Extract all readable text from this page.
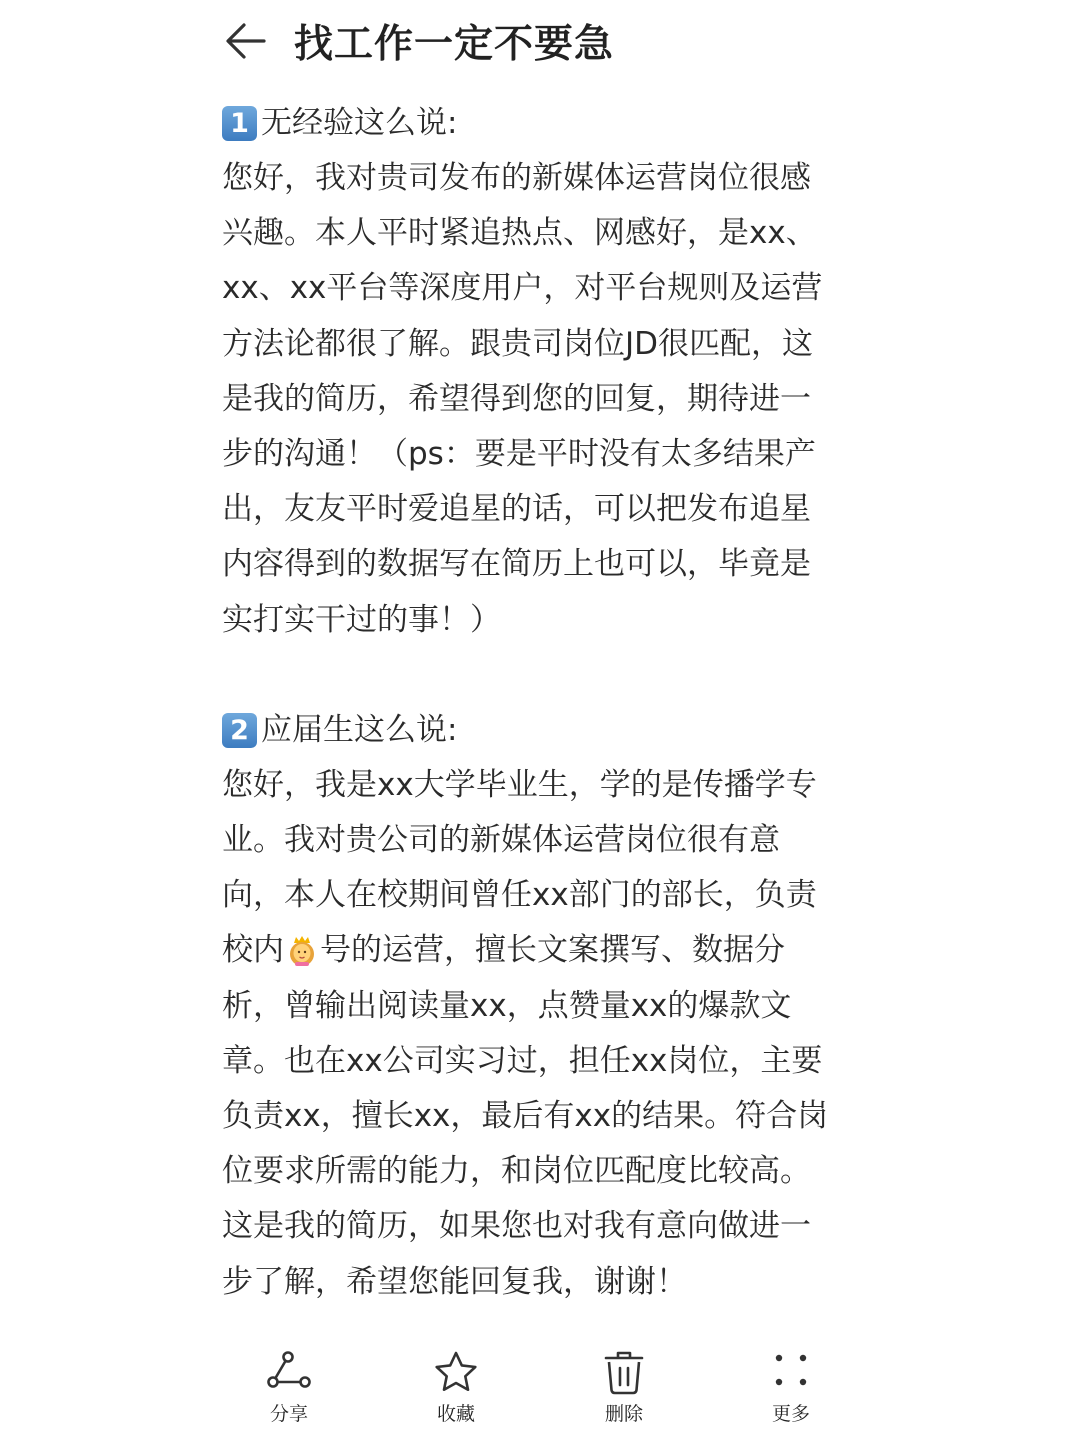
找工作一定不要急
1 无经验这么说:
您好，我对贵司发布的新媒体运营岗位很感
兴趣。本人平时紧追热点、网感好，是xx、
xx、xx平台等深度用户，对平台规则及运营
方法论都很了解。跟贵司岗位JD很匹配，这
是我的简历，希望得到您的回复，期待进一
步的沟通！（ps：要是平时没有太多结果产
出，友友平时爱追星的话，可以把发布追星
内容得到的数据写在简历上也可以，毕竟是
实打实干过的事！）
2 应届生这么说:
您好，我是xx大学毕业生，学的是传播学专
业。我对贵公司的新媒体运营岗位很有意
向，本人在校期间曾任xx部门的部长，负责
校内 号的运营，擅长文案撰写、数据分
析，曾输出阅读量xx，点赞量xx的爆款文
章。也在xx公司实习过，担任xx岗位，主要
负责xx，擅长xx，最后有xx的结果。符合岗
位要求所需的能力，和岗位匹配度比较高。
这是我的简历，如果您也对我有意向做进一
步了解，希望您能回复我，谢谢！
分享	收藏	删除	更多
